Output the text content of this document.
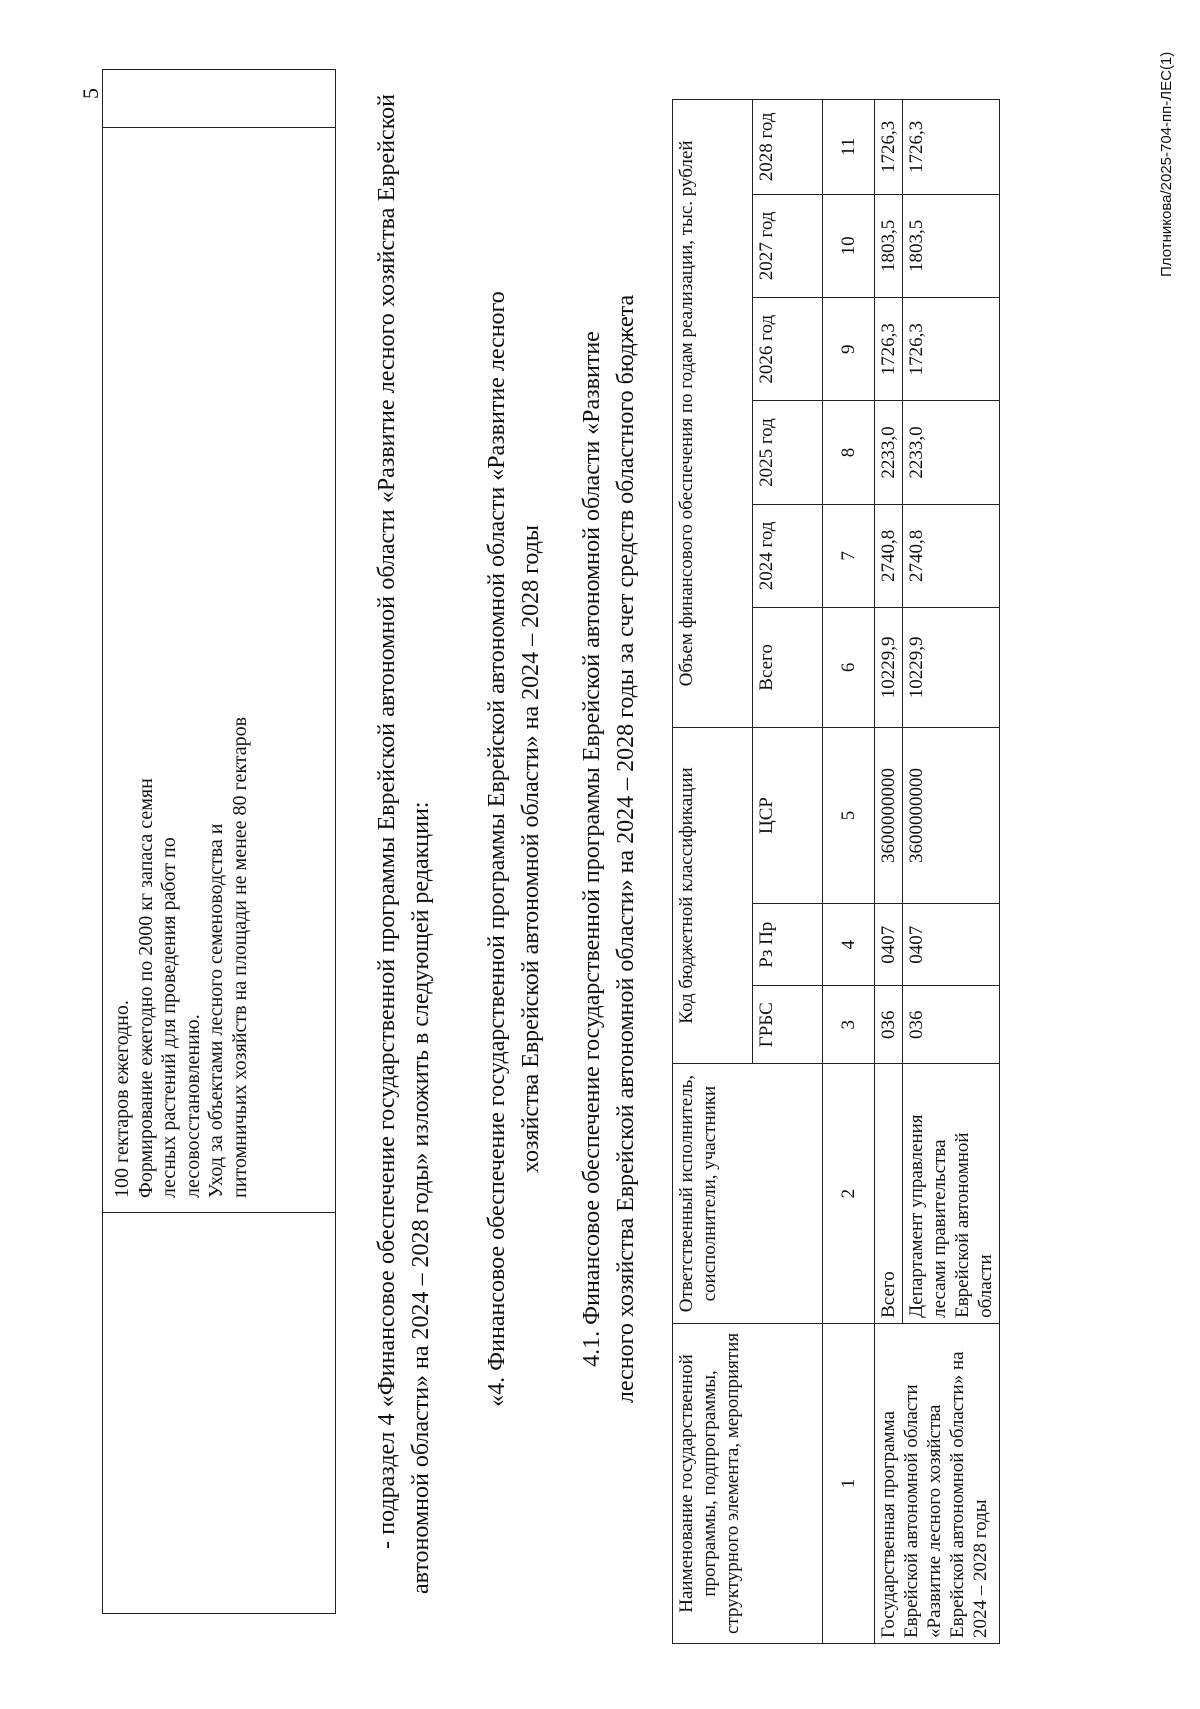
5
100 гектаров ежегодно. Формирование ежегодно по 2000 кг запаса семян лесных растений для проведения работ по лесовосстановлению. Уход за объектами лесного семеноводства и питомничьих хозяйств на площади не менее 80 гектаров	- подраздел 4 «Финансовое обеспечение государственной программы Еврейской автономной области «Развитие лесного хозяйства Еврейской автономной области» на 2024 – 2028 годы» изложить в следующей редакции: «4. Финансовое обеспечение государственной программы Еврейской автономной области «Развитие лесного хозяйства Еврейской автономной области» на 2024 – 2028 годы 4.1. Финансовое обеспечение государственной программы Еврейской автономной области «Развитие лесного хозяйства Еврейской автономной области» на 2024 – 2028 годы за счет средств областного бюджета
Наименование государственной программы, подпрограммы, структурного элемента, мероприятия	Ответственный исполнитель, соисполнители, участники	Код бюджетной классификации			Объем финансового обеспечения по годам реализации, тыс. рублей					
		ГРБС	Рз Пр	ЦСР	Всего	2024 год	2025 год	2026 год	2027 год	2028 год
1	2	3	4	5	6	7	8	9	10	11
Государственная программа Еврейской автономной области «Развитие лесного хозяйства Еврейской автономной области» на 2024 – 2028 годы	Всего	036	0407	3600000000	10229,9	2740,8	2233,0	1726,3	1803,5	1726,3
	Департамент управления лесами правительства Еврейской автономной области	036	0407	3600000000	10229,9	2740,8	2233,0	1726,3	1803,5	1726,3	Плотникова/2025-704-пп-ЛЕС(1)
